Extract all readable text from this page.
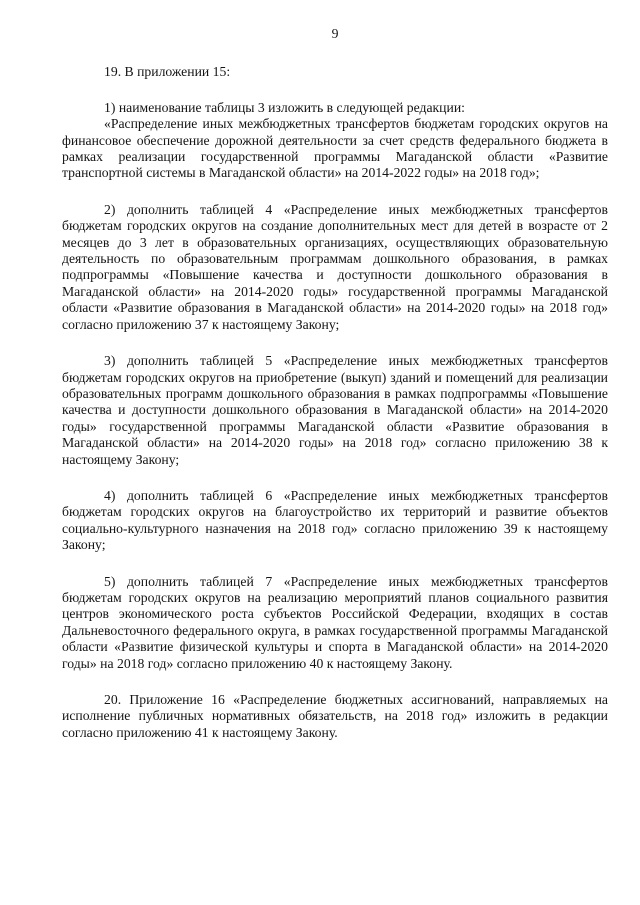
9

19. В приложении 15:

1) наименование таблицы 3 изложить в следующей редакции:

«Распределение иных межбюджетных трансфертов бюджетам городских округов на финансовое обеспечение дорожной деятельности за счет средств федерального бюджета в рамках реализации государственной программы Магаданской области «Развитие транспортной системы в Магаданской области» на 2014-2022 годы» на 2018 год»;

2) дополнить таблицей 4 «Распределение иных межбюджетных трансфертов бюджетам городских округов на создание дополнительных мест для детей в возрасте от 2 месяцев до 3 лет в образовательных организациях, осуществляющих образовательную деятельность по образовательным программам дошкольного образования, в рамках подпрограммы «Повышение качества и доступности дошкольного образования в Магаданской области» на 2014-2020 годы» государственной программы Магаданской области «Развитие образования в Магаданской области» на 2014-2020 годы» на 2018 год» согласно приложению 37 к настоящему Закону;

3) дополнить таблицей 5 «Распределение иных межбюджетных трансфертов бюджетам городских округов на приобретение (выкуп) зданий и помещений для реализации образовательных программ дошкольного образования в рамках подпрограммы «Повышение качества и доступности дошкольного образования в Магаданской области» на 2014-2020 годы» государственной программы Магаданской области «Развитие образования в Магаданской области» на 2014-2020 годы» на 2018 год» согласно приложению 38 к настоящему Закону;

4) дополнить таблицей 6 «Распределение иных межбюджетных трансфертов бюджетам городских округов на благоустройство их территорий и развитие объектов социально-культурного назначения на 2018 год» согласно приложению 39 к настоящему Закону;

5) дополнить таблицей 7 «Распределение иных межбюджетных трансфертов бюджетам городских округов на реализацию мероприятий планов социального развития центров экономического роста субъектов Российской Федерации, входящих в состав Дальневосточного федерального округа, в рамках государственной программы Магаданской области «Развитие физической культуры и спорта в Магаданской области» на 2014-2020 годы» на 2018 год» согласно приложению 40 к настоящему Закону.

20. Приложение 16 «Распределение бюджетных ассигнований, направляемых на исполнение публичных нормативных обязательств, на 2018 год» изложить в редакции согласно приложению 41 к настоящему Закону.
